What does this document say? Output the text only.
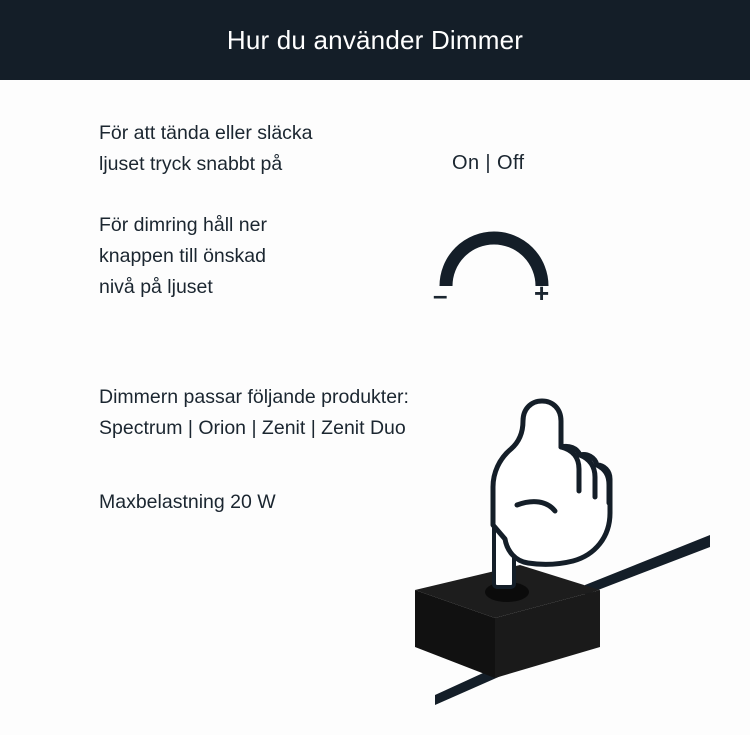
Hur du använder Dimmer
För att tända eller släcka
ljuset tryck snabbt på	On | Off
För dimring håll ner
knappen till önskad
nivå på ljuset	–	+
Dimmern passar följande produkter:
Spectrum | Orion | Zenit | Zenit Duo
Maxbelastning 20 W
